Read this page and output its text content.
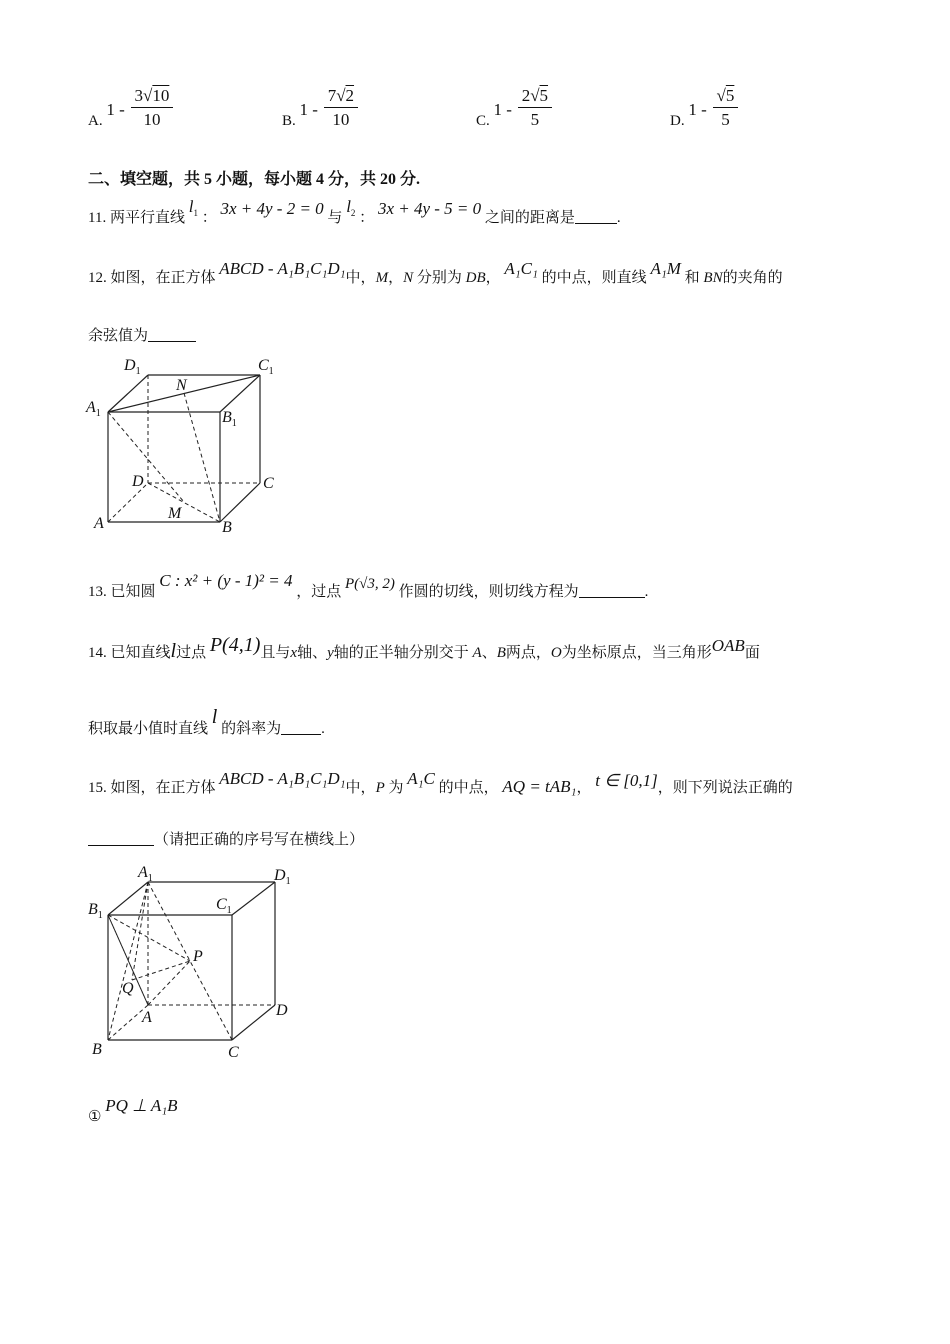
A. $1 - \frac{3√10}{10}$	B. $1 - \frac{7√2}{10}$	C. $1 - \frac{2√5}{5}$	D. $1 - \frac{√5}{5}$
二、填空题，共 5 小题，每小题 4 分，共 20 分.
11. 两平行直线 $l_1$ ： 3x + 4y - 2 = 0 与 $l_2$ ： 3x + 4y - 5 = 0 之间的距离是	.
12. 如图，在正方体 ABCD - A₁B₁C₁D₁中，M，N 分别为 DB， A₁C₁ 的中点，则直线 A₁M 和 BN的夹角的
余弦值为
$D_1$	$C_1$
N
$A_1$	$B_1$
D	C
A
M
B
13. 已知圆 C : x² + (y - 1)² = 4 ，过点 P(√3, 2) 作圆的切线，则切线方程为	.
14. 已知直线l过点 P(4,1)且与x轴、y轴的正半轴分别交于 A、B两点，O为坐标原点，当三角形OAB面
积取最小值时直线 l 的斜率为	.
15. 如图，在正方体 ABCD - A₁B₁C₁D₁中，P 为 A₁C 的中点， AQ = tAB₁， t ∈ [0,1]，则下列说法正确的
（请把正确的序号写在横线上）
$A_1$	$D_1$
$B_1$
$C_1$
P
Q
A	D
B	C
① PQ ⊥ A₁B
